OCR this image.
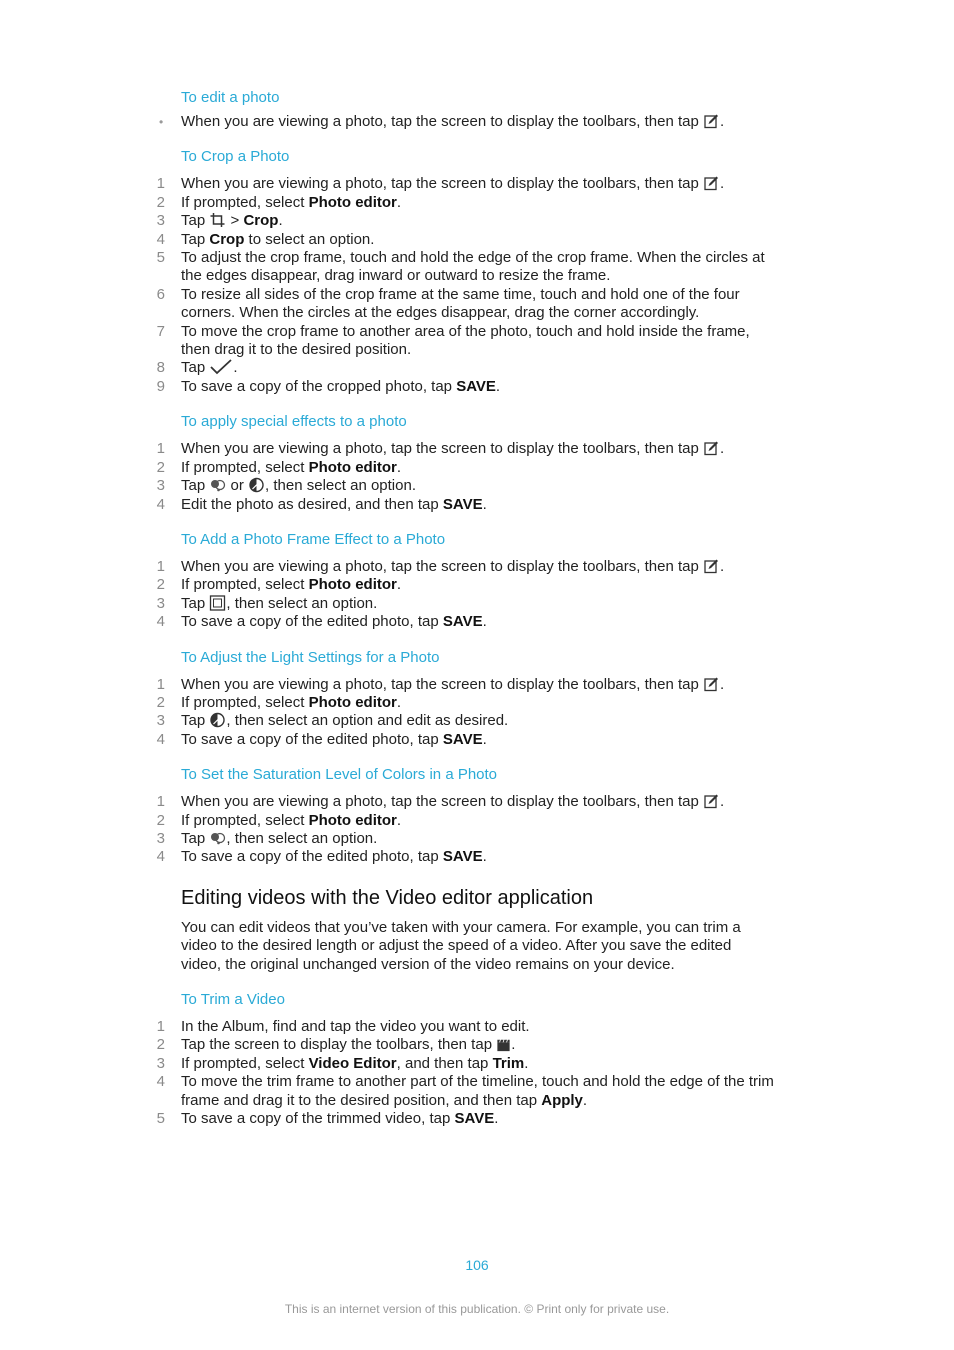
To edit a photo

• When you are viewing a photo, tap the screen to display the toolbars, then tap .

To Crop a Photo

1 When you are viewing a photo, tap the screen to display the toolbars, then tap .
2 If prompted, select Photo editor.
3 Tap  > Crop.
4 Tap Crop to select an option.
5 To adjust the crop frame, touch and hold the edge of the crop frame. When the circles at the edges disappear, drag inward or outward to resize the frame.
6 To resize all sides of the crop frame at the same time, touch and hold one of the four corners. When the circles at the edges disappear, drag the corner accordingly.
7 To move the crop frame to another area of the photo, touch and hold inside the frame, then drag it to the desired position.
8 Tap .
9 To save a copy of the cropped photo, tap SAVE.

To apply special effects to a photo

1 When you are viewing a photo, tap the screen to display the toolbars, then tap .
2 If prompted, select Photo editor.
3 Tap  or , then select an option.
4 Edit the photo as desired, and then tap SAVE.

To Add a Photo Frame Effect to a Photo

1 When you are viewing a photo, tap the screen to display the toolbars, then tap .
2 If prompted, select Photo editor.
3 Tap , then select an option.
4 To save a copy of the edited photo, tap SAVE.

To Adjust the Light Settings for a Photo

1 When you are viewing a photo, tap the screen to display the toolbars, then tap .
2 If prompted, select Photo editor.
3 Tap , then select an option and edit as desired.
4 To save a copy of the edited photo, tap SAVE.

To Set the Saturation Level of Colors in a Photo

1 When you are viewing a photo, tap the screen to display the toolbars, then tap .
2 If prompted, select Photo editor.
3 Tap , then select an option.
4 To save a copy of the edited photo, tap SAVE.
Editing videos with the Video editor application

You can edit videos that you’ve taken with your camera. For example, you can trim a video to the desired length or adjust the speed of a video. After you save the edited video, the original unchanged version of the video remains on your device.

To Trim a Video

1 In the Album, find and tap the video you want to edit.
2 Tap the screen to display the toolbars, then tap .
3 If prompted, select Video Editor, and then tap Trim.
4 To move the trim frame to another part of the timeline, touch and hold the edge of the trim frame and drag it to the desired position, and then tap Apply.
5 To save a copy of the trimmed video, tap SAVE.
106
This is an internet version of this publication. © Print only for private use.
